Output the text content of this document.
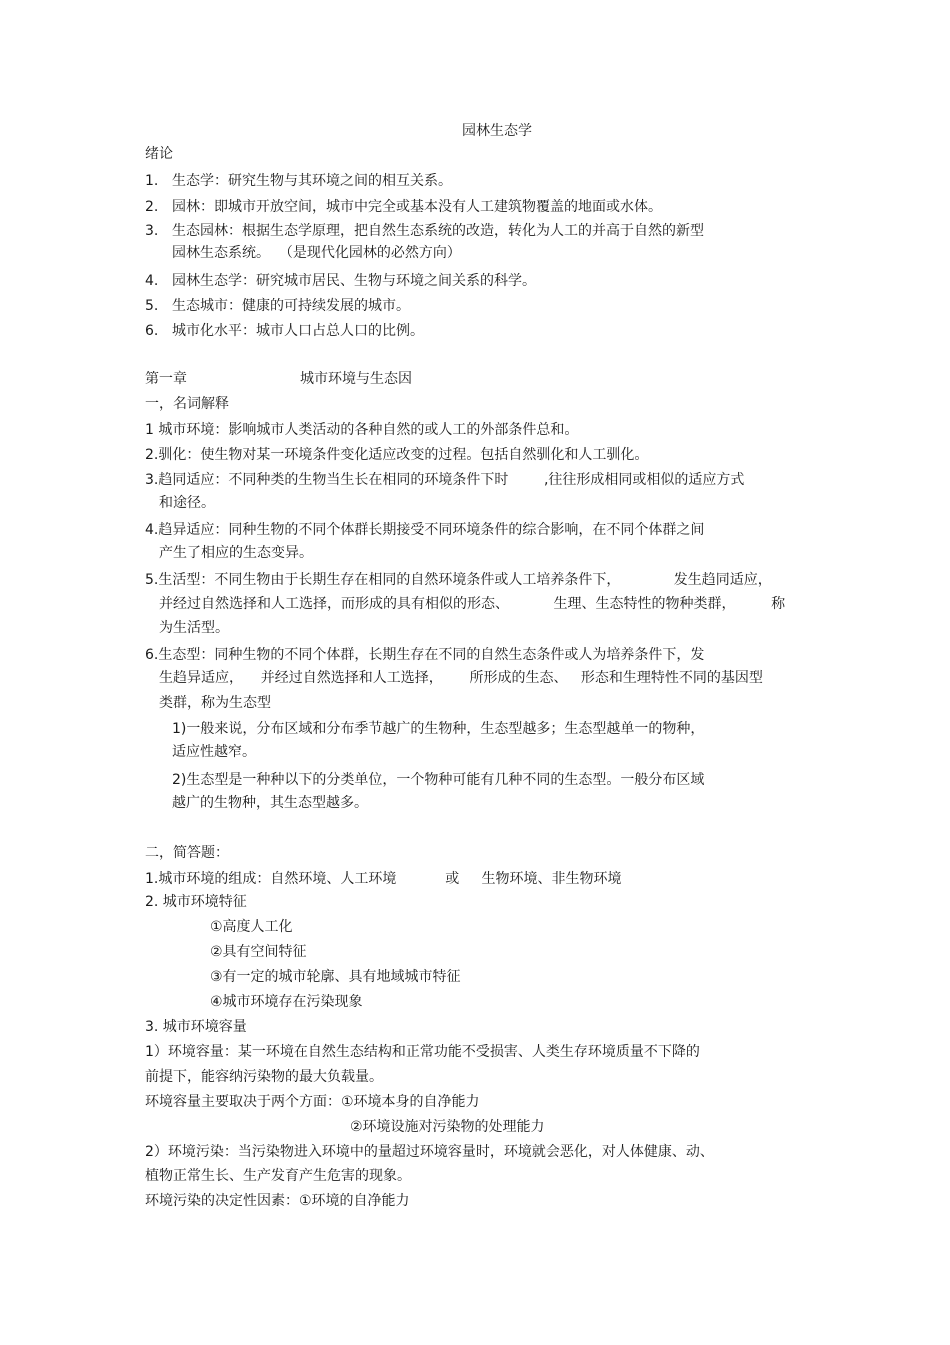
园林生态学
绪论
1. 生态学：研究生物与其环境之间的相互关系。
2. 园林：即城市开放空间，城市中完全或基本没有人工建筑物覆盖的地面或水体。
3. 生态园林：根据生态学原理，把自然生态系统的改造，转化为人工的并高于自然的新型
园林生态系统。  （是现代化园林的必然方向）
4. 园林生态学：研究城市居民、生物与环境之间关系的科学。
5. 生态城市：健康的可持续发展的城市。
6. 城市化水平：城市人口占总人口的比例。
第一章	城市环境与生态因
一，名词解释
1 城市环境：影响城市人类活动的各种自然的或人工的外部条件总和。
2.驯化：使生物对某一环境条件变化适应改变的过程。包括自然驯化和人工驯化。
3.趋同适应：不同种类的生物当生长在相同的环境条件下时        ,往往形成相同或相似的适应方式
和途径。
4.趋异适应：同种生物的不同个体群长期接受不同环境条件的综合影响，在不同个体群之间
产生了相应的生态变异。
5.生活型：不同生物由于长期生存在相同的自然环境条件或人工培养条件下，            发生趋同适应，
并经过自然选择和人工选择，而形成的具有相似的形态、          生理、生态特性的物种类群，        称
为生活型。
6.生态型：同种生物的不同个体群，长期生存在不同的自然生态条件或人为培养条件下，发
生趋异适应，    并经过自然选择和人工选择，      所形成的生态、   形态和生理特性不同的基因型
类群，称为生态型
1)一般来说，分布区域和分布季节越广的生物种，生态型越多；生态型越单一的物种，
适应性越窄。
2)生态型是一种种以下的分类单位，一个物种可能有几种不同的生态型。一般分布区域
越广的生物种，其生态型越多。
二，简答题：
1.城市环境的组成：自然环境、人工环境           或     生物环境、非生物环境
2. 城市环境特征
①高度人工化
②具有空间特征
③有一定的城市轮廓、具有地域城市特征
④城市环境存在污染现象
3. 城市环境容量
1）环境容量：某一环境在自然生态结构和正常功能不受损害、人类生存环境质量不下降的
前提下，能容纳污染物的最大负载量。
环境容量主要取决于两个方面：①环境本身的自净能力
②环境设施对污染物的处理能力
2）环境污染：当污染物进入环境中的量超过环境容量时，环境就会恶化，对人体健康、动、
植物正常生长、生产发育产生危害的现象。
环境污染的决定性因素：①环境的自净能力
